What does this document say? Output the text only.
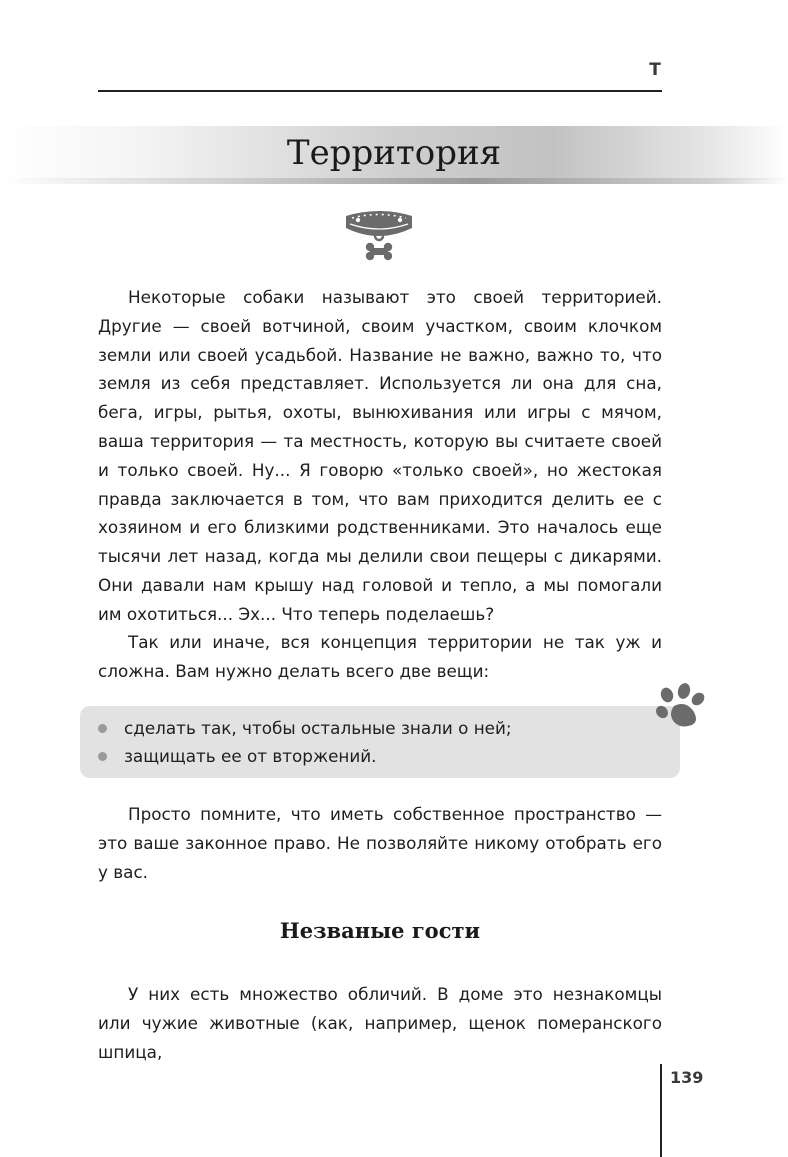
Т
Территория

Некоторые собаки называют это своей территорией. Другие — своей вотчиной, своим участком, своим клочком земли или своей усадьбой. Название не важно, важно то, что земля из себя представляет. Используется ли она для сна, бега, игры, рытья, охоты, вынюхивания или игры с мячом, ваша территория — та местность, которую вы считаете своей и только своей. Ну... Я говорю «только своей», но жестокая правда заключается в том, что вам приходится делить ее с хозяином и его близкими родственниками. Это началось еще тысячи лет назад, когда мы делили свои пещеры с дикарями. Они давали нам крышу над головой и тепло, а мы помогали им охотиться... Эх... Что теперь поделаешь?

Так или иначе, вся концепция территории не так уж и сложна. Вам нужно делать всего две вещи:

сделать так, чтобы остальные знали о ней;
защищать ее от вторжений.

Просто помните, что иметь собственное пространство — это ваше законное право. Не позволяйте никому отобрать его у вас.

Незваные гости

У них есть множество обличий. В доме это незнакомцы или чужие животные (как, например, щенок померанского шпица,

139
